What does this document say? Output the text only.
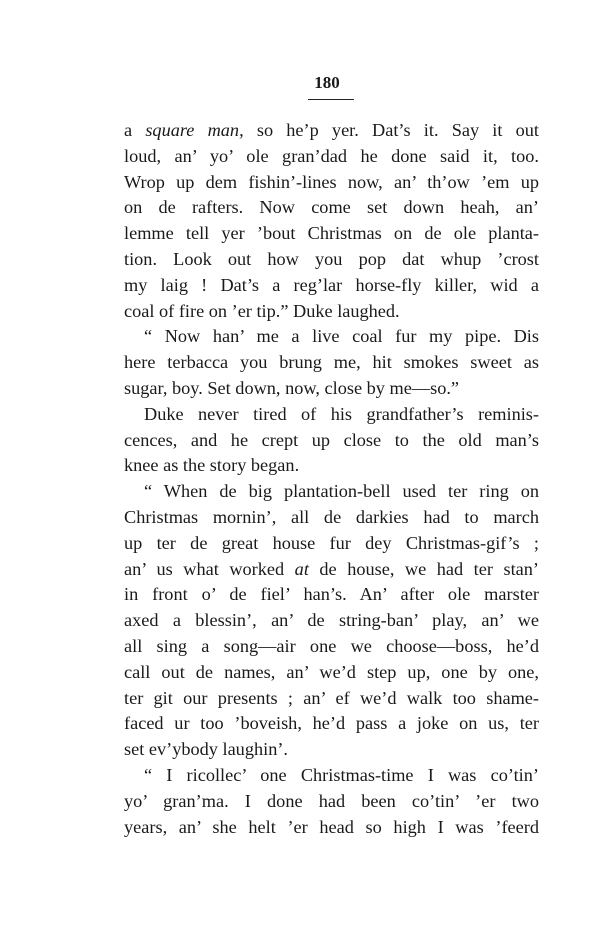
180
a square man, so he’p yer. Dat’s it. Say it out
loud, an’ yo’ ole gran’dad he done said it, too.
Wrop up dem fishin’-lines now, an’ th’ow ’em up
on de rafters. Now come set down heah, an’
lemme tell yer ’bout Christmas on de ole planta-
tion. Look out how you pop dat whup ’crost
my laig ! Dat’s a reg’lar horse-fly killer, wid a
coal of fire on ’er tip.” Duke laughed.
“ Now han’ me a live coal fur my pipe. Dis
here terbacca you brung me, hit smokes sweet as
sugar, boy. Set down, now, close by me—so.”
Duke never tired of his grandfather’s reminis-
cences, and he crept up close to the old man’s
knee as the story began.
“ When de big plantation-bell used ter ring on
Christmas mornin’, all de darkies had to march
up ter de great house fur dey Christmas-gif’s ;
an’ us what worked at de house, we had ter stan’
in front o’ de fiel’ han’s. An’ after ole marster
axed a blessin’, an’ de string-ban’ play, an’ we
all sing a song—air one we choose—boss, he’d
call out de names, an’ we’d step up, one by one,
ter git our presents ; an’ ef we’d walk too shame-
faced ur too ’boveish, he’d pass a joke on us, ter
set ev’ybody laughin’.
“ I ricollec’ one Christmas-time I was co’tin’
yo’ gran’ma. I done had been co’tin’ ’er two
years, an’ she helt ’er head so high I was ’feerd
